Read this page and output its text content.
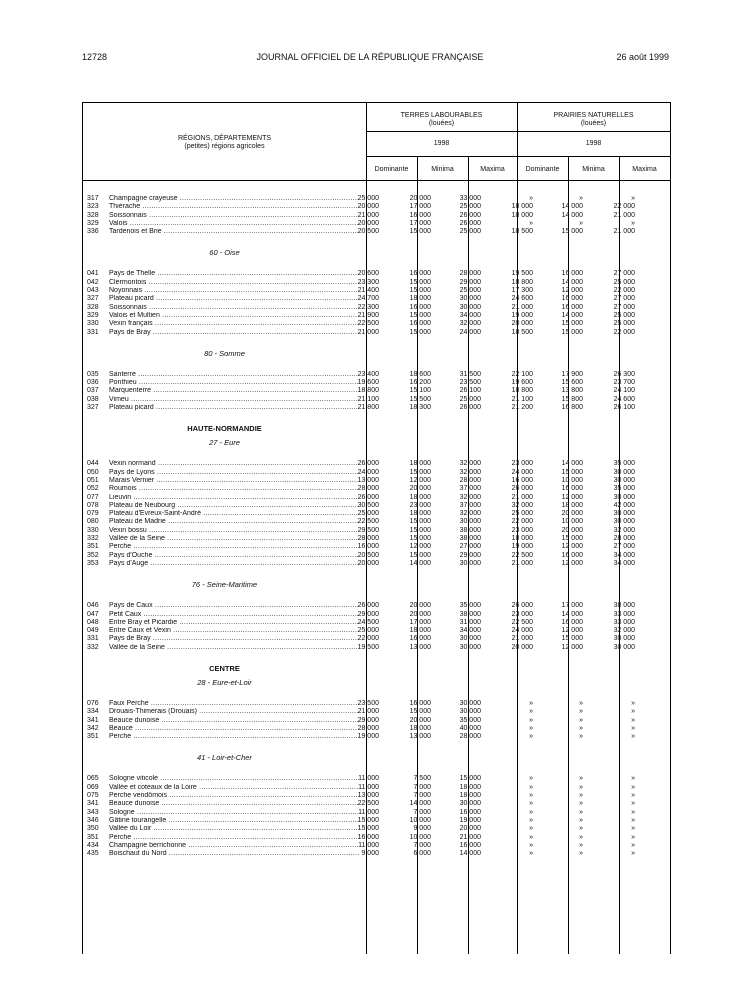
12728	JOURNAL OFFICIEL DE LA RÉPUBLIQUE FRANÇAISE	26 août 1999
RÉGIONS, DÉPARTEMENTS
(petites) régions agricoles
TERRES LABOURABLES
(louées)
PRAIRIES NATURELLES
(louées)
1998	1998
Dominante	Minima	Maxima	Dominante	Minima	Maxima
317	Champagne crayeuse .....	25 000	20 000	33 000	»	»	»
323	Thiérache .....	20 000	17 000	25 000	18 000	14 000	22 000
328	Soissonnais .....	21 000	16 000	26 000	18 000	14 000	21 000
329	Valois .....	20 000	17 000	26 000	»	»	»
336	Tardenois et Brie .....	20 500	15 000	25 000	18 500	15 000	21 000
60 - Oise
041	Pays de Thelle .....	20 600	16 000	28 000	19 500	16 000	27 000
042	Clermontois .....	23 300	15 000	29 000	18 800	14 000	25 000
043	Noyonnais .....	21 400	15 000	25 000	17 300	12 000	22 000
327	Plateau picard .....	24 700	18 000	30 000	24 600	16 000	27 000
328	Soissonnais .....	22 300	16 000	30 000	21 000	16 000	27 000
329	Valois et Multien .....	21 900	15 000	34 000	19 000	14 000	25 000
330	Vexin français .....	22 500	16 000	32 000	20 000	15 000	25 000
331	Pays de Bray .....	21 000	15 000	24 000	18 500	15 000	22 000
80 - Somme
035	Santerre .....	23 400	18 600	31 500	22 100	17 900	26 300
036	Ponthieu .....	19 600	16 200	23 500	19 600	15 600	23 700
037	Marquenterre .....	18 800	15 100	26 100	18 800	13 800	24 100
038	Vimeu .....	21 100	15 500	25 000	21 100	15 800	24 600
327	Plateau picard .....	21 800	18 300	26 000	21 200	16 800	26 100
HAUTE-NORMANDIE
27 - Eure
044	Vexin normand .....	26 000	18 000	32 000	23 000	14 000	35 000
050	Pays de Lyons .....	24 000	15 000	32 000	24 000	15 000	30 000
051	Marais Vernier .....	13 000	12 000	28 000	16 000	10 000	30 000
052	Roumois .....	28 000	20 000	37 000	26 000	16 000	35 000
077	Lieuvin .....	26 000	18 000	32 000	21 000	12 000	30 000
078	Plateau de Neubourg .....	30 500	23 000	37 000	32 000	18 000	42 000
079	Plateau d'Evreux-Saint-André .....	25 000	18 000	32 000	25 000	20 000	30 000
080	Plateau de Madrie .....	22 500	15 000	30 000	22 000	10 000	30 000
330	Vexin bossu .....	29 500	15 000	38 000	23 000	20 000	32 000
332	Vallée de la Seine .....	28 000	15 000	38 000	18 000	15 000	28 000
351	Perche .....	16 000	12 000	27 000	19 000	12 000	27 000
352	Pays d'Ouche .....	20 500	15 000	29 000	22 500	16 000	34 000
353	Pays d'Auge .....	20 000	14 000	30 000	21 000	12 000	34 000
76 - Seine-Maritime
046	Pays de Caux .....	26 000	20 000	35 000	26 000	17 000	38 000
047	Petit Caux .....	29 000	20 000	38 000	23 000	14 000	33 000
048	Entre Bray et Picardie .....	24 500	17 000	31 000	22 500	16 000	33 000
049	Entre Caux et Vexin .....	25 000	18 000	34 000	24 000	12 000	32 000
331	Pays de Bray .....	22 000	16 000	30 000	21 000	15 000	30 000
332	Vallée de la Seine .....	19 500	13 000	30 000	20 000	12 000	30 000
CENTRE
28 - Eure-et-Loir
076	Faux Perche .....	23 500	16 000	30 000	»	»	»
334	Drouais-Thimerais (Drouais) .....	21 000	15 000	30 000	»	»	»
341	Beauce dunoise .....	29 000	20 000	35 000	»	»	»
342	Beauce .....	28 000	18 000	40 000	»	»	»
351	Perche .....	19 000	13 000	28 000	»	»	»
41 - Loir-et-Cher
065	Sologne viticole .....	11 000	7 500	15 000	»	»	»
069	Vallée et coteaux de la Loire .....	11 000	7 000	18 000	»	»	»
075	Perche vendômois .....	13 000	7 000	18 000	»	»	»
341	Beauce dunoise .....	22 500	14 000	30 000	»	»	»
343	Sologne .....	11 000	7 000	16 000	»	»	»
346	Gâtine tourangelle .....	15 000	10 000	19 000	»	»	»
350	Vallée du Loir .....	15 000	9 000	20 000	»	»	»
351	Perche .....	16 000	10 000	21 000	»	»	»
434	Champagne berrichonne .....	11 000	7 000	16 000	»	»	»
435	Boischaut du Nord .....	9 000	6 000	14 000	»	»	»
